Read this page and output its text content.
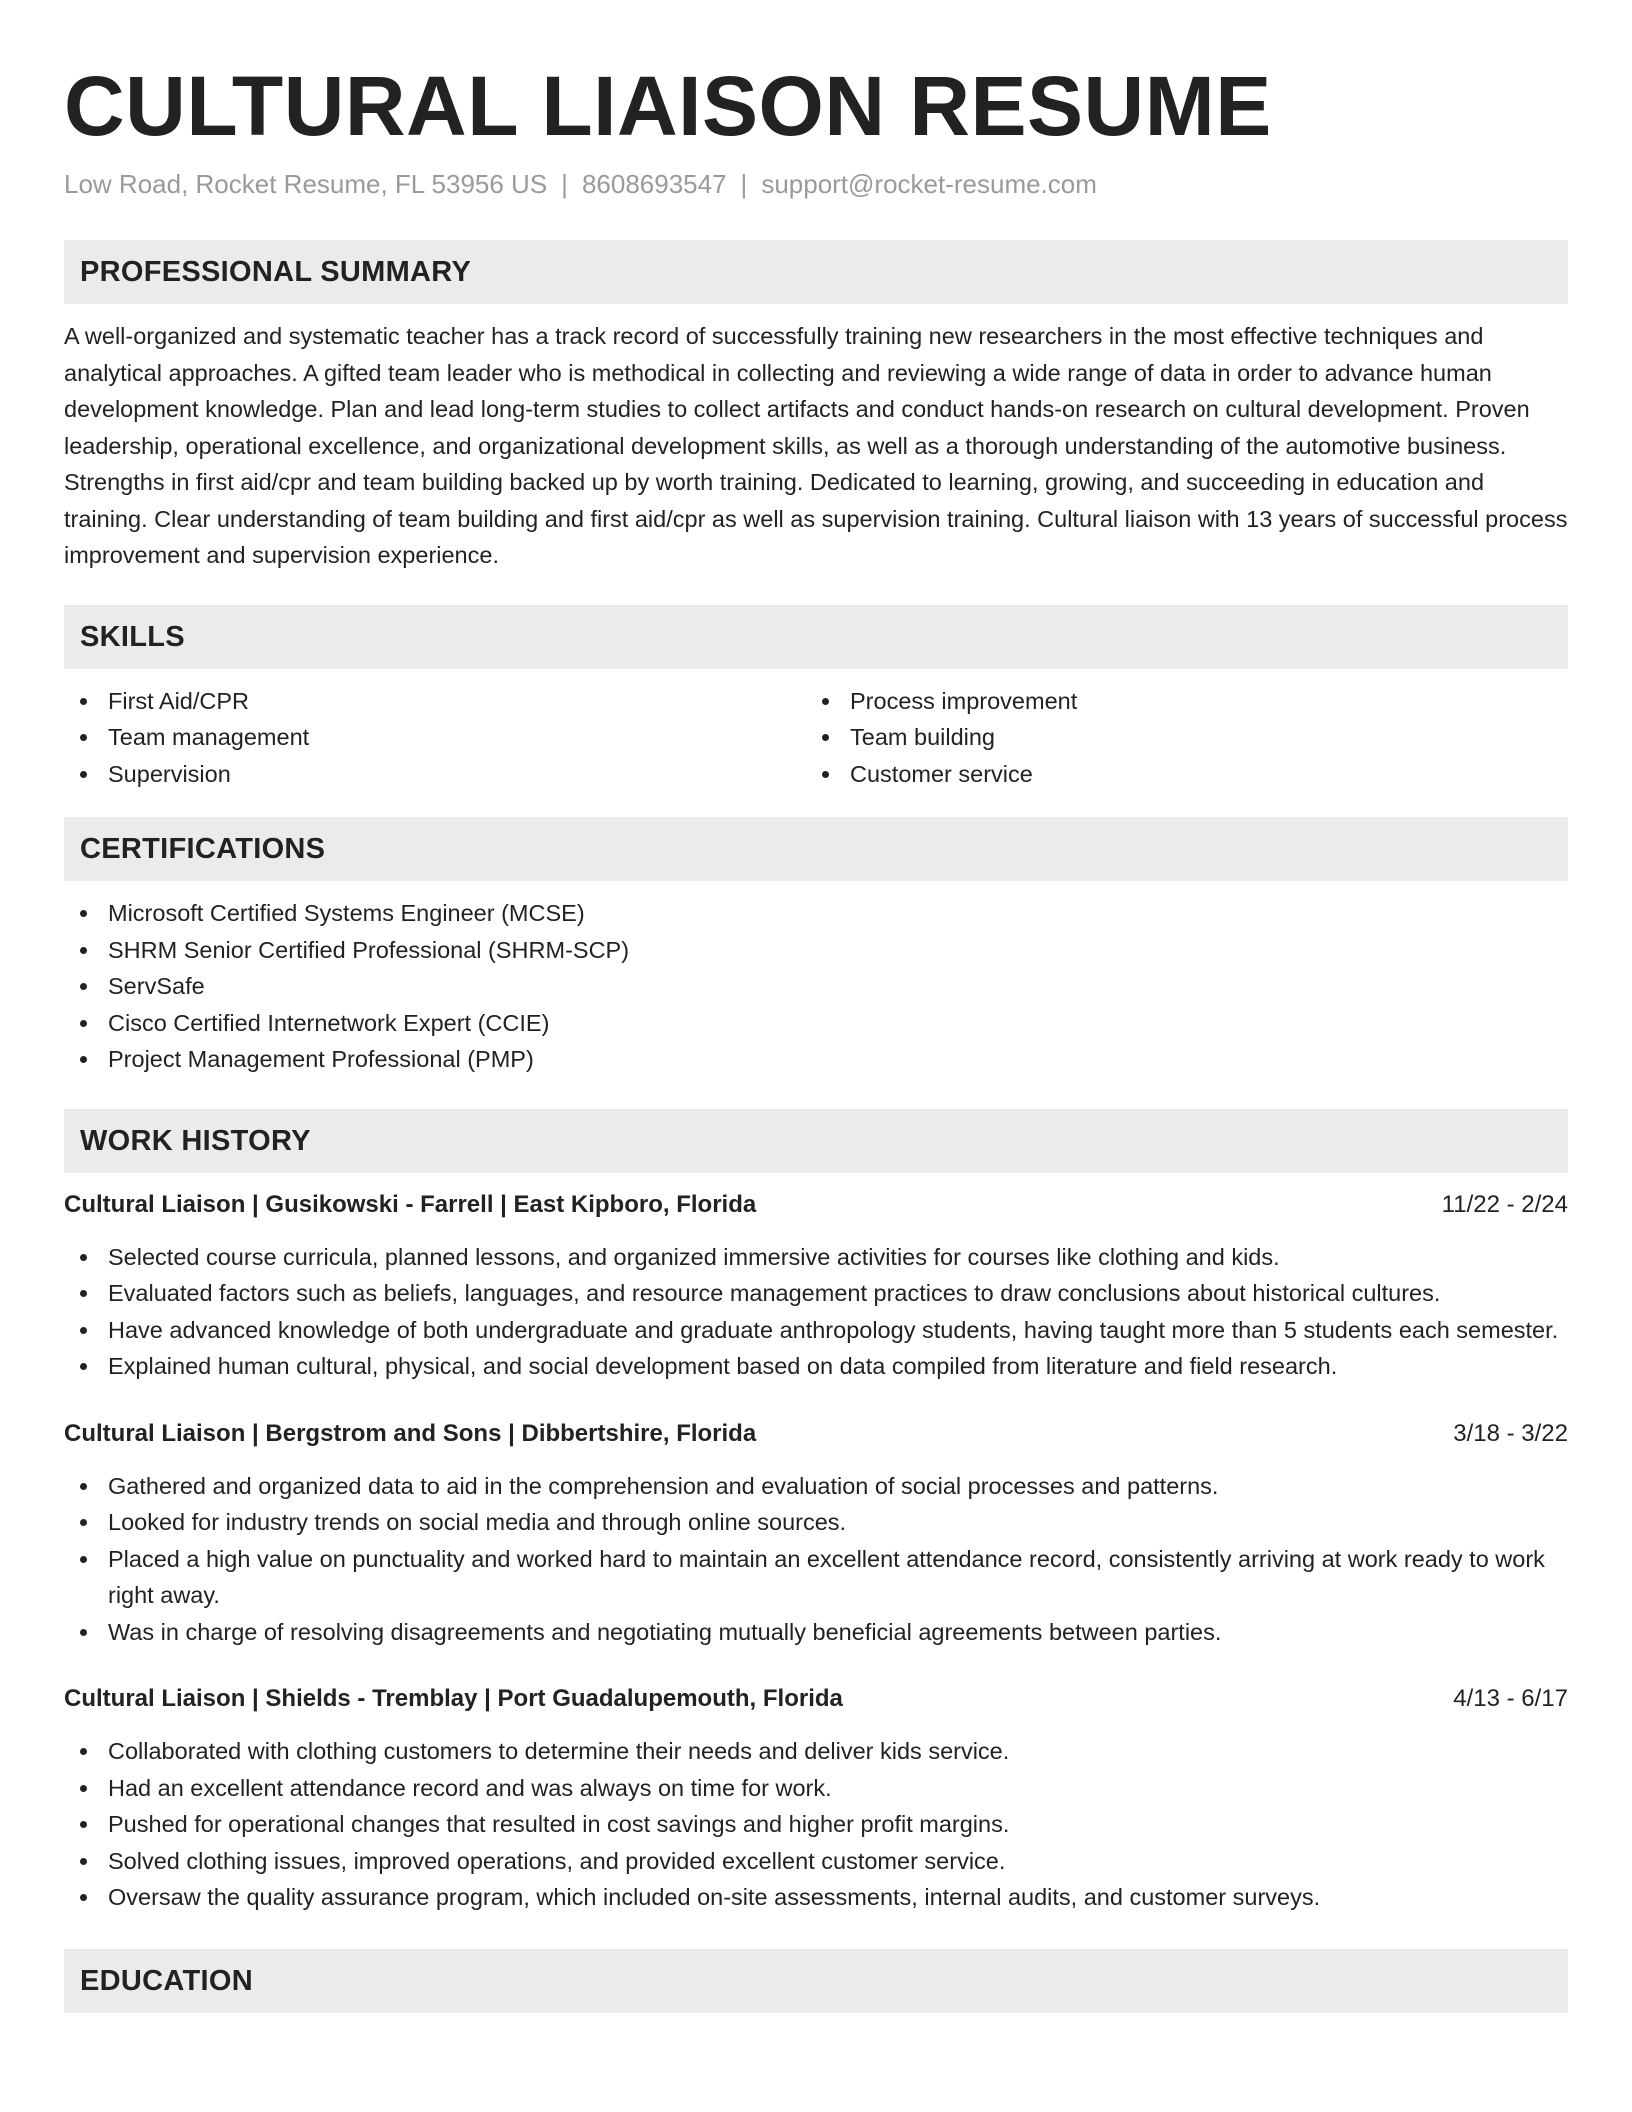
CULTURAL LIAISON RESUME
Low Road, Rocket Resume, FL 53956 US | 8608693547 | support@rocket-resume.com
PROFESSIONAL SUMMARY

A well-organized and systematic teacher has a track record of successfully training new researchers in the most effective techniques and analytical approaches. A gifted team leader who is methodical in collecting and reviewing a wide range of data in order to advance human development knowledge. Plan and lead long-term studies to collect artifacts and conduct hands-on research on cultural development. Proven leadership, operational excellence, and organizational development skills, as well as a thorough understanding of the automotive business. Strengths in first aid/cpr and team building backed up by worth training. Dedicated to learning, growing, and succeeding in education and training. Clear understanding of team building and first aid/cpr as well as supervision training. Cultural liaison with 13 years of successful process improvement and supervision experience.

SKILLS
First Aid/CPR
Team management
Supervision
Process improvement
Team building
Customer service
CERTIFICATIONS
Microsoft Certified Systems Engineer (MCSE)
SHRM Senior Certified Professional (SHRM-SCP)
ServSafe
Cisco Certified Internetwork Expert (CCIE)
Project Management Professional (PMP)
WORK HISTORY
Cultural Liaison | Gusikowski - Farrell | East Kipboro, Florida	11/22 - 2/24
Selected course curricula, planned lessons, and organized immersive activities for courses like clothing and kids.
Evaluated factors such as beliefs, languages, and resource management practices to draw conclusions about historical cultures.
Have advanced knowledge of both undergraduate and graduate anthropology students, having taught more than 5 students each semester.
Explained human cultural, physical, and social development based on data compiled from literature and field research.
Cultural Liaison | Bergstrom and Sons | Dibbertshire, Florida	3/18 - 3/22
Gathered and organized data to aid in the comprehension and evaluation of social processes and patterns.
Looked for industry trends on social media and through online sources.
Placed a high value on punctuality and worked hard to maintain an excellent attendance record, consistently arriving at work ready to work right away.
Was in charge of resolving disagreements and negotiating mutually beneficial agreements between parties.
Cultural Liaison | Shields - Tremblay | Port Guadalupemouth, Florida	4/13 - 6/17
Collaborated with clothing customers to determine their needs and deliver kids service.
Had an excellent attendance record and was always on time for work.
Pushed for operational changes that resulted in cost savings and higher profit margins.
Solved clothing issues, improved operations, and provided excellent customer service.
Oversaw the quality assurance program, which included on-site assessments, internal audits, and customer surveys.
EDUCATION
